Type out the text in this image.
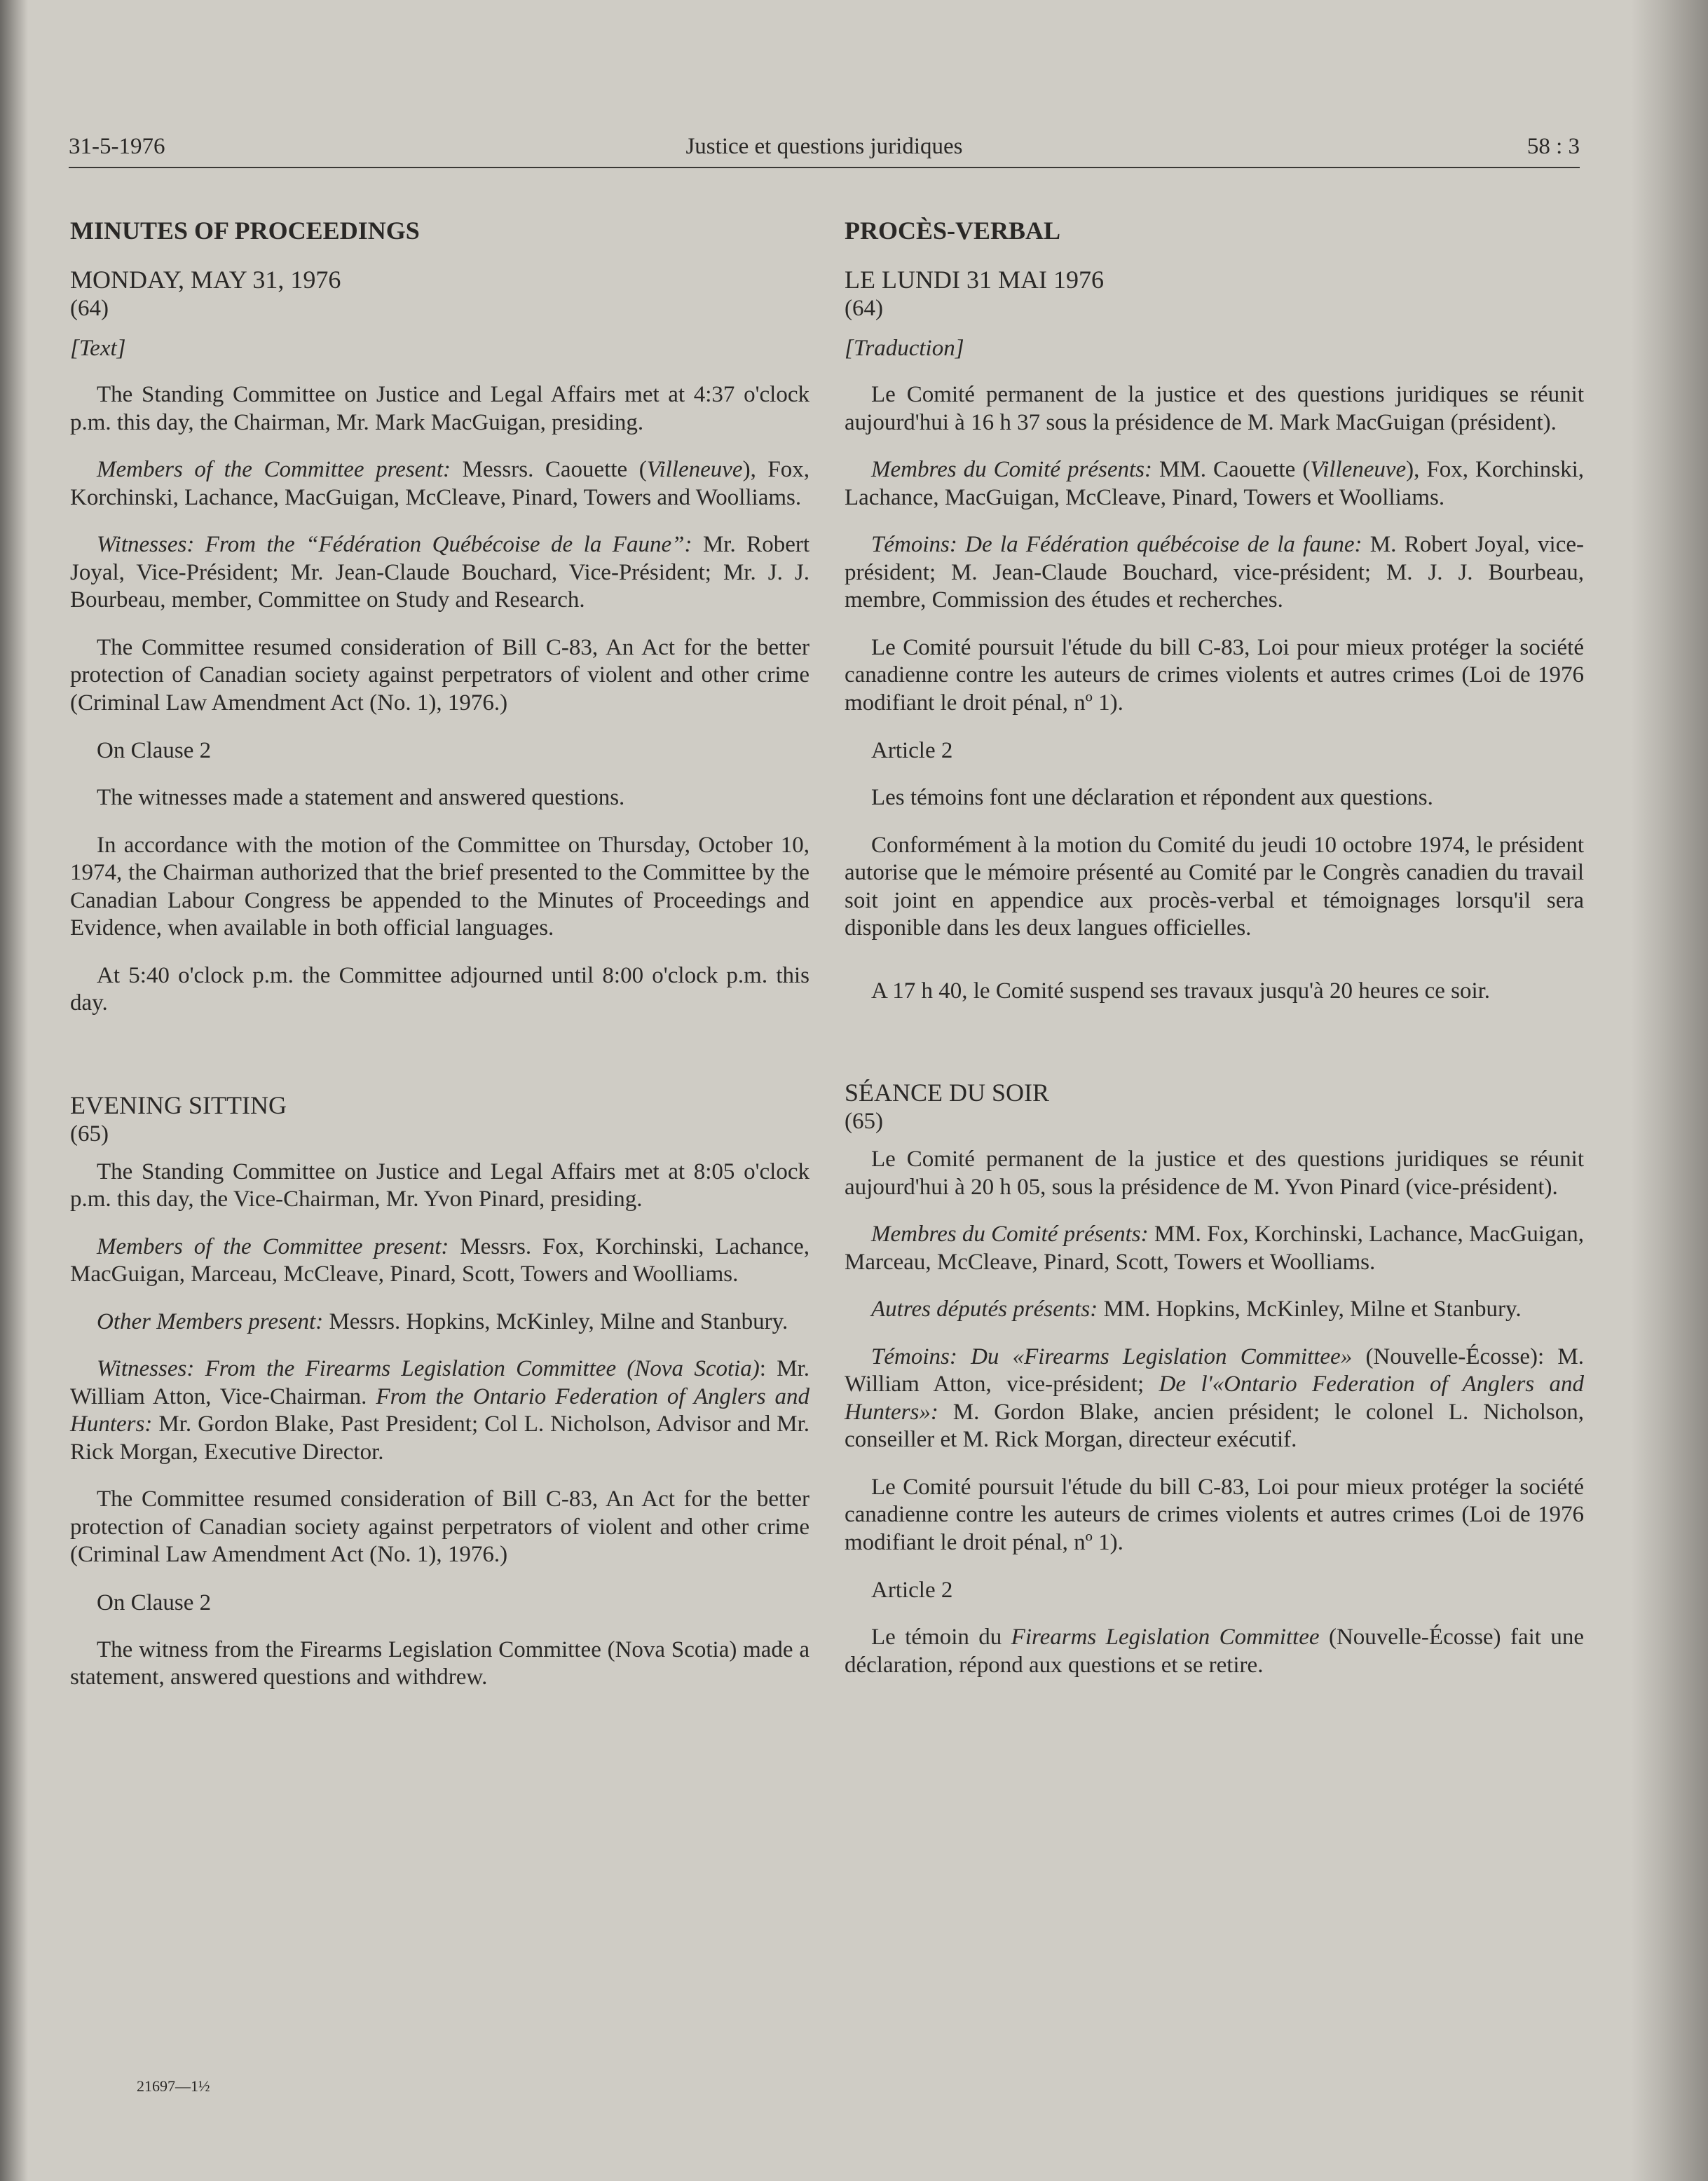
31-5-1976	Justice et questions juridiques	58 : 3
MINUTES OF PROCEEDINGS
MONDAY, MAY 31, 1976
(64)
[Text]

The Standing Committee on Justice and Legal Affairs met at 4:37 o'clock p.m. this day, the Chairman, Mr. Mark MacGuigan, presiding.

Members of the Committee present: Messrs. Caouette (Villeneuve), Fox, Korchinski, Lachance, MacGuigan, McCleave, Pinard, Towers and Woolliams.

Witnesses: From the “Fédération Québécoise de la Faune”: Mr. Robert Joyal, Vice-Président; Mr. Jean-Claude Bouchard, Vice-Président; Mr. J. J. Bourbeau, member, Committee on Study and Research.

The Committee resumed consideration of Bill C-83, An Act for the better protection of Canadian society against perpetrators of violent and other crime (Criminal Law Amendment Act (No. 1), 1976.)

On Clause 2

The witnesses made a statement and answered questions.

In accordance with the motion of the Committee on Thursday, October 10, 1974, the Chairman authorized that the brief presented to the Committee by the Canadian Labour Congress be appended to the Minutes of Proceedings and Evidence, when available in both official languages.

At 5:40 o'clock p.m. the Committee adjourned until 8:00 o'clock p.m. this day.

EVENING SITTING
(65)

The Standing Committee on Justice and Legal Affairs met at 8:05 o'clock p.m. this day, the Vice-Chairman, Mr. Yvon Pinard, presiding.

Members of the Committee present: Messrs. Fox, Korchinski, Lachance, MacGuigan, Marceau, McCleave, Pinard, Scott, Towers and Woolliams.

Other Members present: Messrs. Hopkins, McKinley, Milne and Stanbury.

Witnesses: From the Firearms Legislation Committee (Nova Scotia): Mr. William Atton, Vice-Chairman. From the Ontario Federation of Anglers and Hunters: Mr. Gordon Blake, Past President; Col L. Nicholson, Advisor and Mr. Rick Morgan, Executive Director.

The Committee resumed consideration of Bill C-83, An Act for the better protection of Canadian society against perpetrators of violent and other crime (Criminal Law Amendment Act (No. 1), 1976.)

On Clause 2

The witness from the Firearms Legislation Committee (Nova Scotia) made a statement, answered questions and withdrew.

PROCÈS-VERBAL
LE LUNDI 31 MAI 1976
(64)
[Traduction]

Le Comité permanent de la justice et des questions juridiques se réunit aujourd'hui à 16 h 37 sous la présidence de M. Mark MacGuigan (président).

Membres du Comité présents: MM. Caouette (Villeneuve), Fox, Korchinski, Lachance, MacGuigan, McCleave, Pinard, Towers et Woolliams.

Témoins: De la Fédération québécoise de la faune: M. Robert Joyal, vice-président; M. Jean-Claude Bouchard, vice-président; M. J. J. Bourbeau, membre, Commission des études et recherches.

Le Comité poursuit l'étude du bill C-83, Loi pour mieux protéger la société canadienne contre les auteurs de crimes violents et autres crimes (Loi de 1976 modifiant le droit pénal, nº 1).

Article 2

Les témoins font une déclaration et répondent aux questions.

Conformément à la motion du Comité du jeudi 10 octobre 1974, le président autorise que le mémoire présenté au Comité par le Congrès canadien du travail soit joint en appendice aux procès-verbal et témoignages lorsqu'il sera disponible dans les deux langues officielles.

A 17 h 40, le Comité suspend ses travaux jusqu'à 20 heures ce soir.

SÉANCE DU SOIR
(65)

Le Comité permanent de la justice et des questions juridiques se réunit aujourd'hui à 20 h 05, sous la présidence de M. Yvon Pinard (vice-président).

Membres du Comité présents: MM. Fox, Korchinski, Lachance, MacGuigan, Marceau, McCleave, Pinard, Scott, Towers et Woolliams.

Autres députés présents: MM. Hopkins, McKinley, Milne et Stanbury.

Témoins: Du «Firearms Legislation Committee» (Nouvelle-Écosse): M. William Atton, vice-président; De l'«Ontario Federation of Anglers and Hunters»: M. Gordon Blake, ancien président; le colonel L. Nicholson, conseiller et M. Rick Morgan, directeur exécutif.

Le Comité poursuit l'étude du bill C-83, Loi pour mieux protéger la société canadienne contre les auteurs de crimes violents et autres crimes (Loi de 1976 modifiant le droit pénal, nº 1).

Article 2

Le témoin du Firearms Legislation Committee (Nouvelle-Écosse) fait une déclaration, répond aux questions et se retire.

21697—1½
